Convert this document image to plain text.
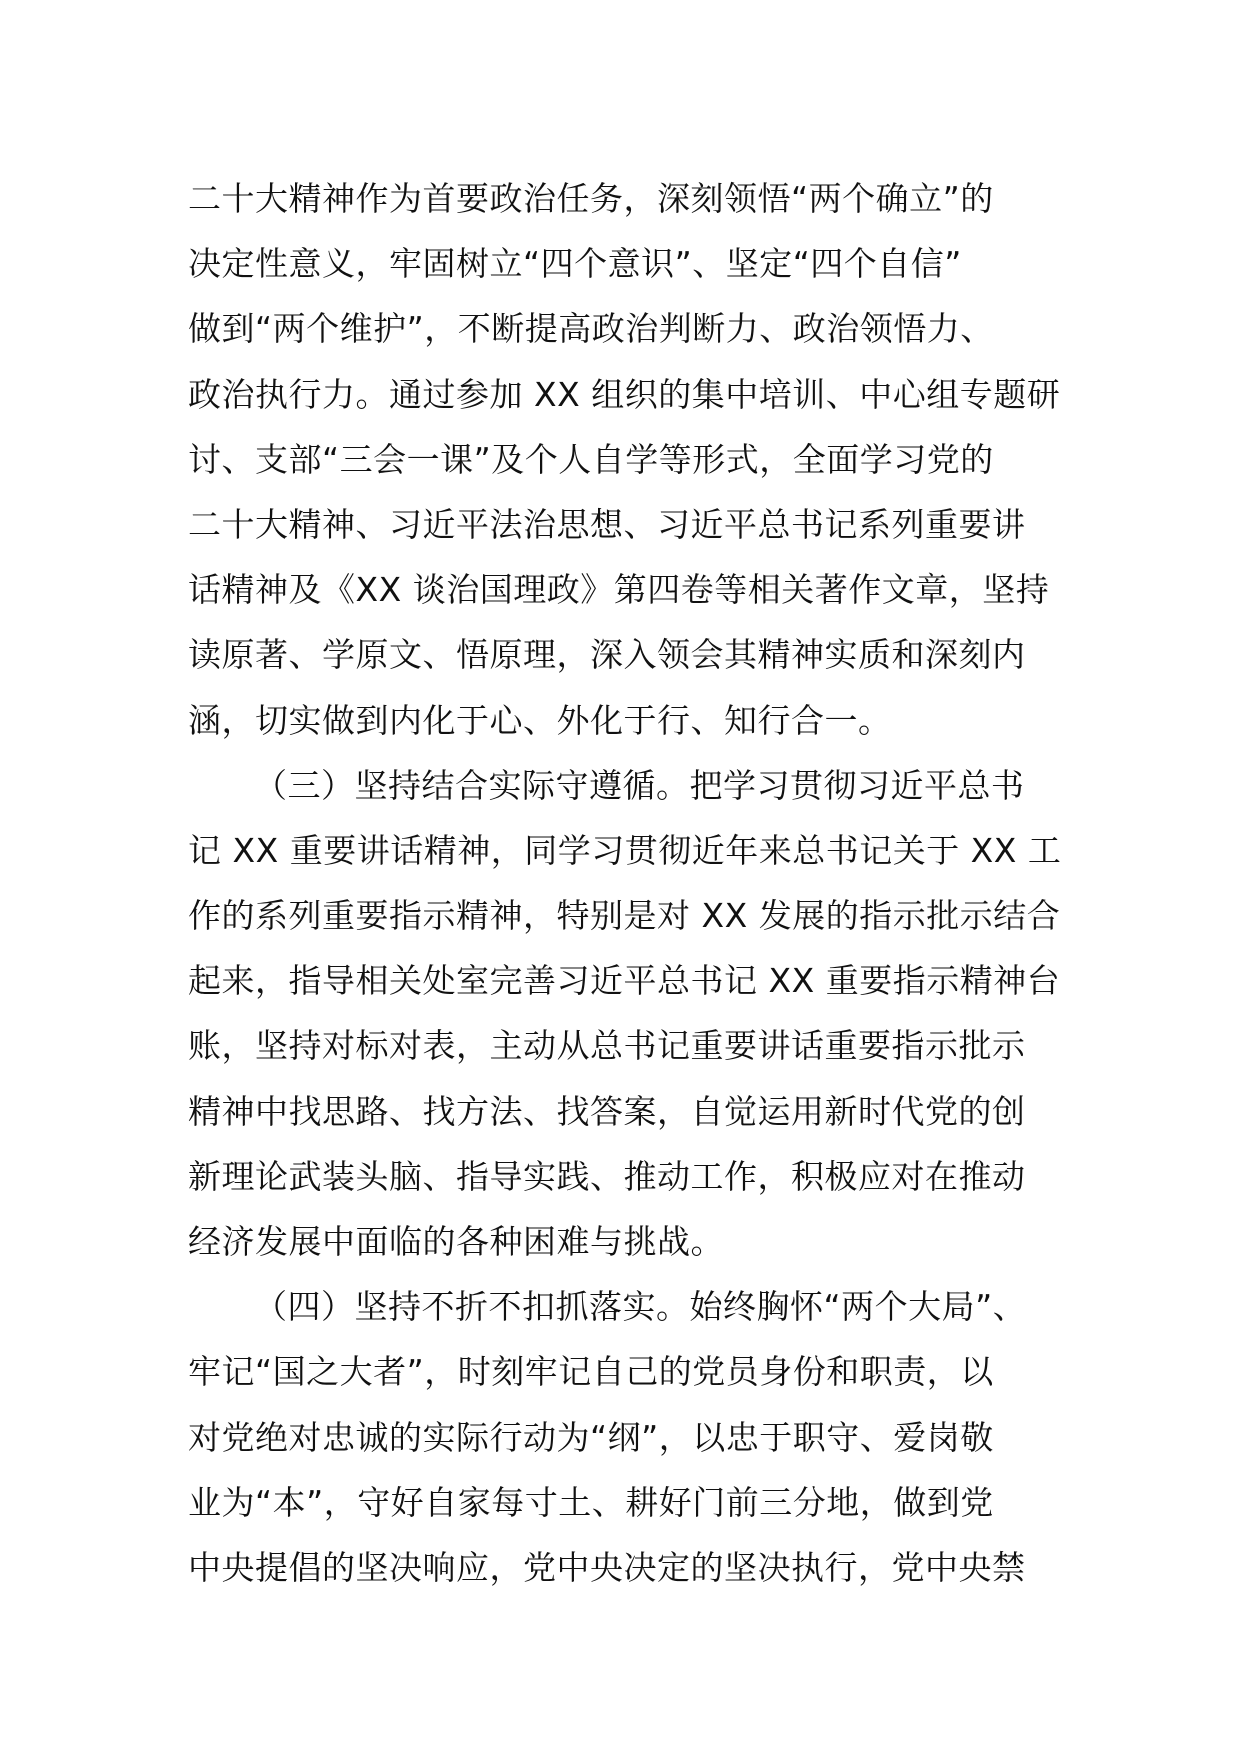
二十大精神作为首要政治任务，深刻领悟“两个确立”的
决定性意义，牢固树立“四个意识”、坚定“四个自信”
做到“两个维护”，不断提高政治判断力、政治领悟力、
政治执行力。通过参加 XX 组织的集中培训、中心组专题研
讨、支部“三会一课”及个人自学等形式，全面学习党的
二十大精神、习近平法治思想、习近平总书记系列重要讲
话精神及《XX 谈治国理政》第四卷等相关著作文章，坚持
读原著、学原文、悟原理，深入领会其精神实质和深刻内
涵，切实做到内化于心、外化于行、知行合一。
（三）坚持结合实际守遵循。把学习贯彻习近平总书
记 XX 重要讲话精神，同学习贯彻近年来总书记关于 XX 工
作的系列重要指示精神，特别是对 XX 发展的指示批示结合
起来，指导相关处室完善习近平总书记 XX 重要指示精神台
账，坚持对标对表，主动从总书记重要讲话重要指示批示
精神中找思路、找方法、找答案，自觉运用新时代党的创
新理论武装头脑、指导实践、推动工作，积极应对在推动
经济发展中面临的各种困难与挑战。
（四）坚持不折不扣抓落实。始终胸怀“两个大局”、
牢记“国之大者”，时刻牢记自己的党员身份和职责，以
对党绝对忠诚的实际行动为“纲”，以忠于职守、爱岗敬
业为“本”，守好自家每寸土、耕好门前三分地，做到党
中央提倡的坚决响应，党中央决定的坚决执行，党中央禁
